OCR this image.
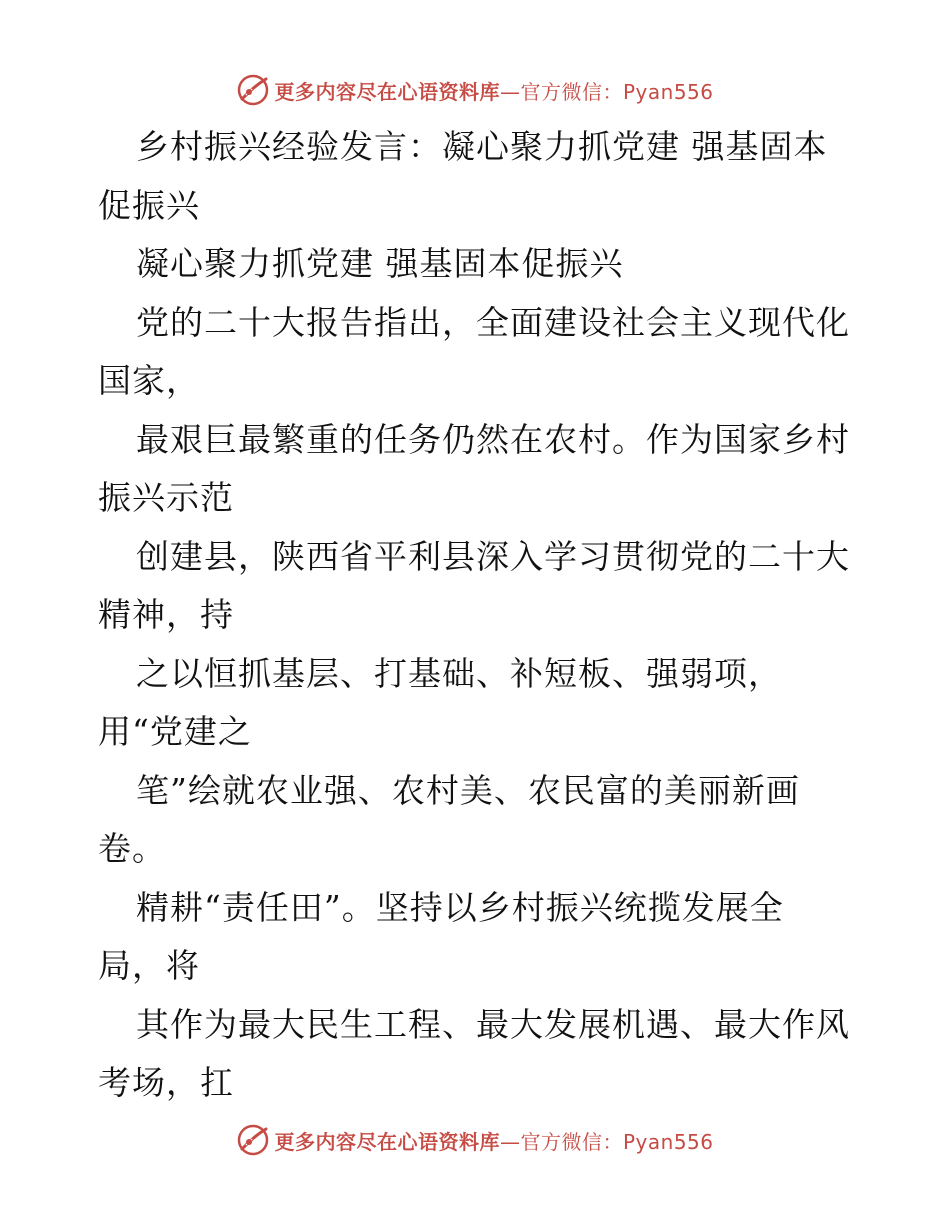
更多内容尽在心语资料库—官方微信：Pyan556
乡村振兴经验发言：凝心聚力抓党建 强基固本
促振兴
凝心聚力抓党建 强基固本促振兴
党的二十大报告指出，全面建设社会主义现代化
国家，
最艰巨最繁重的任务仍然在农村。作为国家乡村
振兴示范
创建县，陕西省平利县深入学习贯彻党的二十大
精神，持
之以恒抓基层、打基础、补短板、强弱项，
用“党建之
笔”绘就农业强、农村美、农民富的美丽新画
卷。
精耕“责任田”。坚持以乡村振兴统揽发展全
局，将
其作为最大民生工程、最大发展机遇、最大作风
考场，扛
更多内容尽在心语资料库—官方微信：Pyan556
